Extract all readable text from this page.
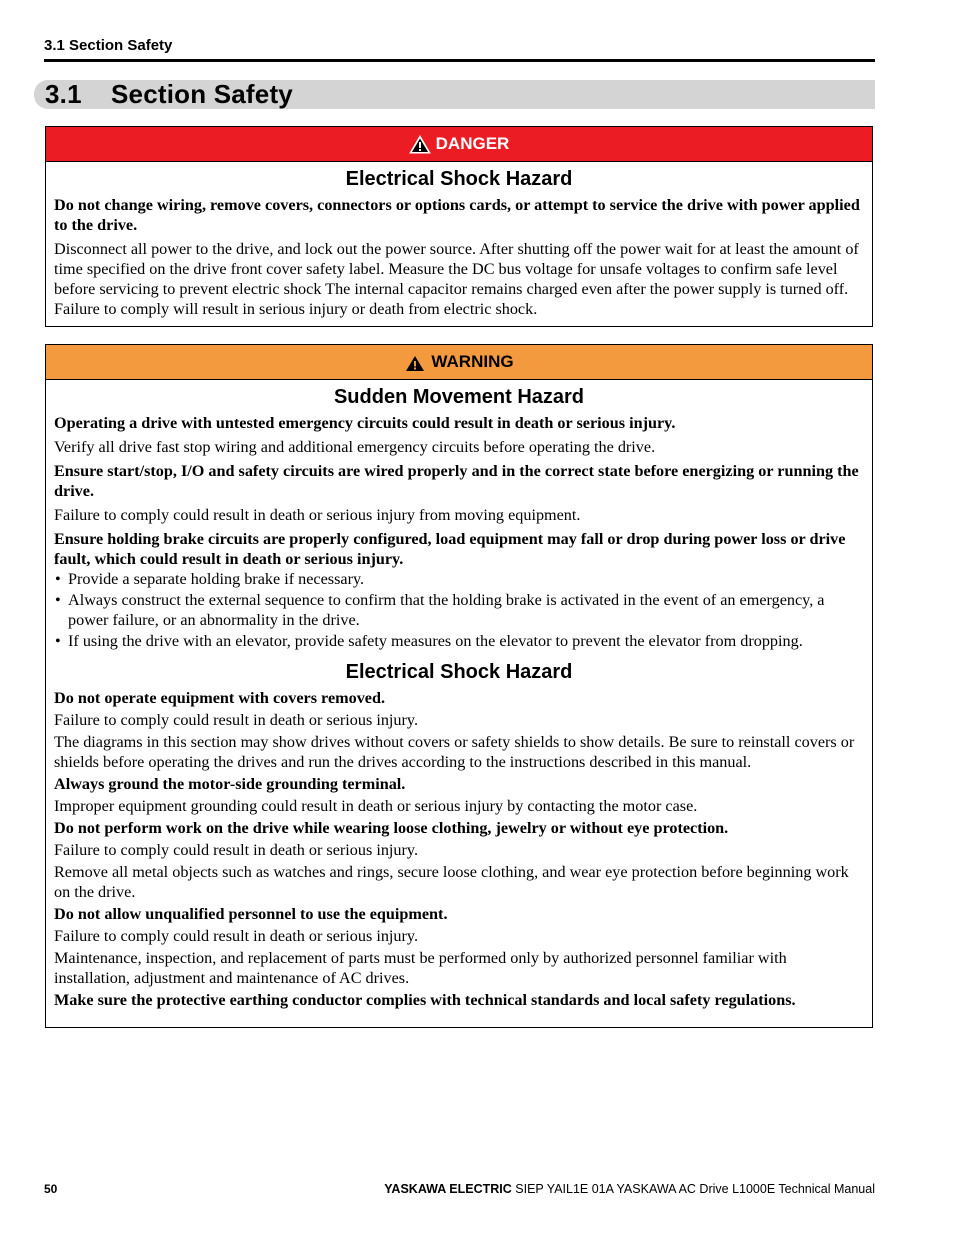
3.1 Section Safety
3.1 Section Safety
DANGER
Electrical Shock Hazard

Do not change wiring, remove covers, connectors or options cards, or attempt to service the drive with power applied to the drive.

Disconnect all power to the drive, and lock out the power source. After shutting off the power wait for at least the amount of time specified on the drive front cover safety label. Measure the DC bus voltage for unsafe voltages to confirm safe level before servicing to prevent electric shock The internal capacitor remains charged even after the power supply is turned off. Failure to comply will result in serious injury or death from electric shock.

WARNING
Sudden Movement Hazard

Operating a drive with untested emergency circuits could result in death or serious injury.

Verify all drive fast stop wiring and additional emergency circuits before operating the drive.

Ensure start/stop, I/O and safety circuits are wired properly and in the correct state before energizing or running the drive.

Failure to comply could result in death or serious injury from moving equipment.

Ensure holding brake circuits are properly configured, load equipment may fall or drop during power loss or drive fault, which could result in death or serious injury.

• Provide a separate holding brake if necessary.
• Always construct the external sequence to confirm that the holding brake is activated in the event of an emergency, a power failure, or an abnormality in the drive.
• If using the drive with an elevator, provide safety measures on the elevator to prevent the elevator from dropping.
Electrical Shock Hazard

Do not operate equipment with covers removed.

Failure to comply could result in death or serious injury.

The diagrams in this section may show drives without covers or safety shields to show details. Be sure to reinstall covers or shields before operating the drives and run the drives according to the instructions described in this manual.

Always ground the motor-side grounding terminal.

Improper equipment grounding could result in death or serious injury by contacting the motor case.

Do not perform work on the drive while wearing loose clothing, jewelry or without eye protection.

Failure to comply could result in death or serious injury.

Remove all metal objects such as watches and rings, secure loose clothing, and wear eye protection before beginning work on the drive.

Do not allow unqualified personnel to use the equipment.

Failure to comply could result in death or serious injury.

Maintenance, inspection, and replacement of parts must be performed only by authorized personnel familiar with installation, adjustment and maintenance of AC drives.

Make sure the protective earthing conductor complies with technical standards and local safety regulations.

50	YASKAWA ELECTRIC SIEP YAIL1E 01A YASKAWA AC Drive L1000E Technical Manual
